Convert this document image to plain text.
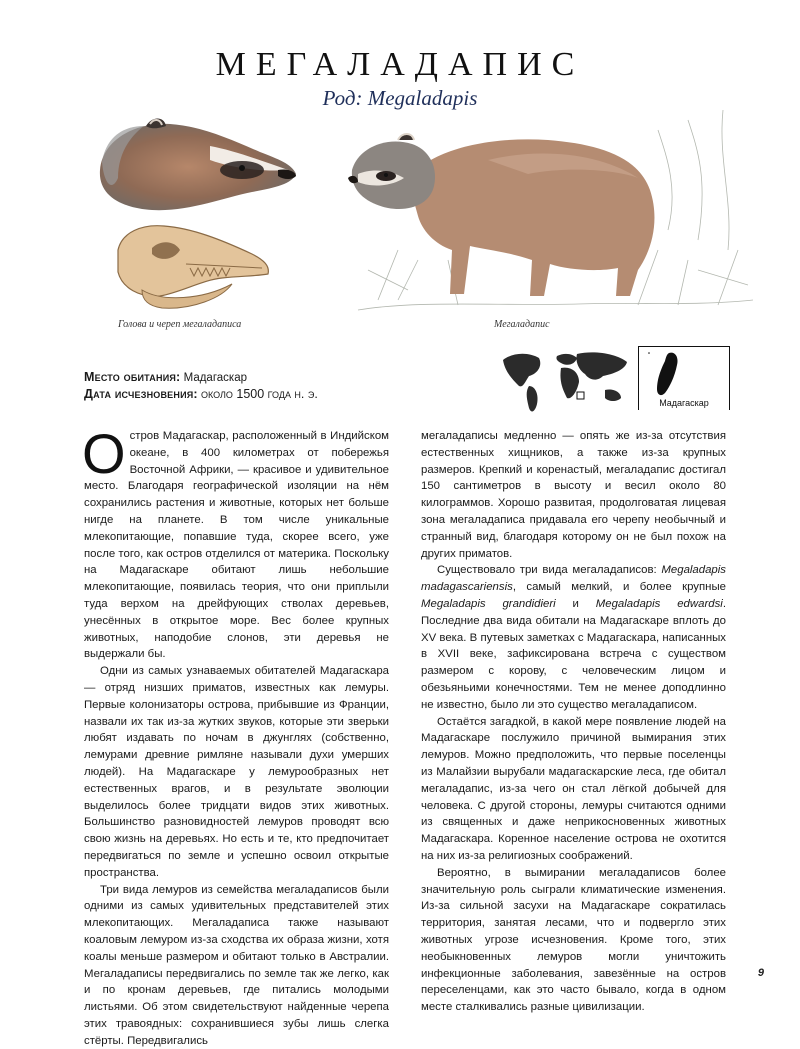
МЕГАЛАДАПИС
Род: Megaladapis
Голова и череп мегаладаписа	Мегаладапис
Место обитания: Мадагаскар
Дата исчезновения: около 1500 года н. э.
Мадагаскар

Остров Мадагаскар, расположенный в Индийском океане, в 400 километрах от побережья Восточной Африки, — красивое и удивительное место. Благодаря географической изоляции на нём сохранились растения и животные, которых нет больше нигде на планете. В том числе уникальные млекопитающие, попавшие туда, скорее всего, уже после того, как остров отделился от материка. Поскольку на Мадагаскаре обитают лишь небольшие млекопитающие, появилась теория, что они приплыли туда верхом на дрейфующих стволах деревьев, унесённых в открытое море. Вес более крупных животных, наподобие слонов, эти деревья не выдержали бы.

Одни из самых узнаваемых обитателей Мадагаскара — отряд низших приматов, известных как лемуры. Первые колонизаторы острова, прибывшие из Франции, назвали их так из-за жутких звуков, которые эти зверьки любят издавать по ночам в джунглях (собственно, лемурами древние римляне называли духи умерших людей). На Мадагаскаре у лемурообразных нет естественных врагов, и в результате эволюции выделилось более тридцати видов этих животных. Большинство разновидностей лемуров проводят всю свою жизнь на деревьях. Но есть и те, кто предпочитает передвигаться по земле и успешно освоил открытые пространства.

Три вида лемуров из семейства мегаладаписов были одними из самых удивительных представителей этих млекопитающих. Мегаладаписа также называют коаловым лемуром из-за сходства их образа жизни, хотя коалы меньше размером и обитают только в Австралии. Мегаладаписы передвигались по земле так же легко, как и по кронам деревьев, где питались молодыми листьями. Об этом свидетельствуют найденные черепа этих травоядных: сохранившиеся зубы лишь слегка стёрты. Передвигались

мегаладаписы медленно — опять же из-за отсутствия естественных хищников, а также из-за крупных размеров. Крепкий и коренастый, мегаладапис достигал 150 сантиметров в высоту и весил около 80 килограммов. Хорошо развитая, продолговатая лицевая зона мегаладаписа придавала его черепу необычный и странный вид, благодаря которому он не был похож на других приматов.

Существовало три вида мегаладаписов: Megaladapis madagascariensis, самый мелкий, и более крупные Megaladapis grandidieri и Megaladapis edwardsi. Последние два вида обитали на Мадагаскаре вплоть до XV века. В путевых заметках с Мадагаскара, написанных в XVII веке, зафиксирована встреча с существом размером с корову, с человеческим лицом и обезьяньими конечностями. Тем не менее доподлинно не известно, было ли это существо мегаладаписом.

Остаётся загадкой, в какой мере появление людей на Мадагаскаре послужило причиной вымирания этих лемуров. Можно предположить, что первые поселенцы из Малайзии вырубали мадагаскарские леса, где обитал мегаладапис, из-за чего он стал лёгкой добычей для человека. С другой стороны, лемуры считаются одними из священных и даже неприкосновенных животных Мадагаскара. Коренное население острова не охотится на них из-за религиозных соображений.

Вероятно, в вымирании мегаладаписов более значительную роль сыграли климатические изменения. Из-за сильной засухи на Мадагаскаре сократилась территория, занятая лесами, что и подвергло этих животных угрозе исчезновения. Кроме того, этих необыкновенных лемуров могли уничтожить инфекционные заболевания, завезённые на остров переселенцами, как это часто бывало, когда в одном месте сталкивались разные цивилизации.

9
